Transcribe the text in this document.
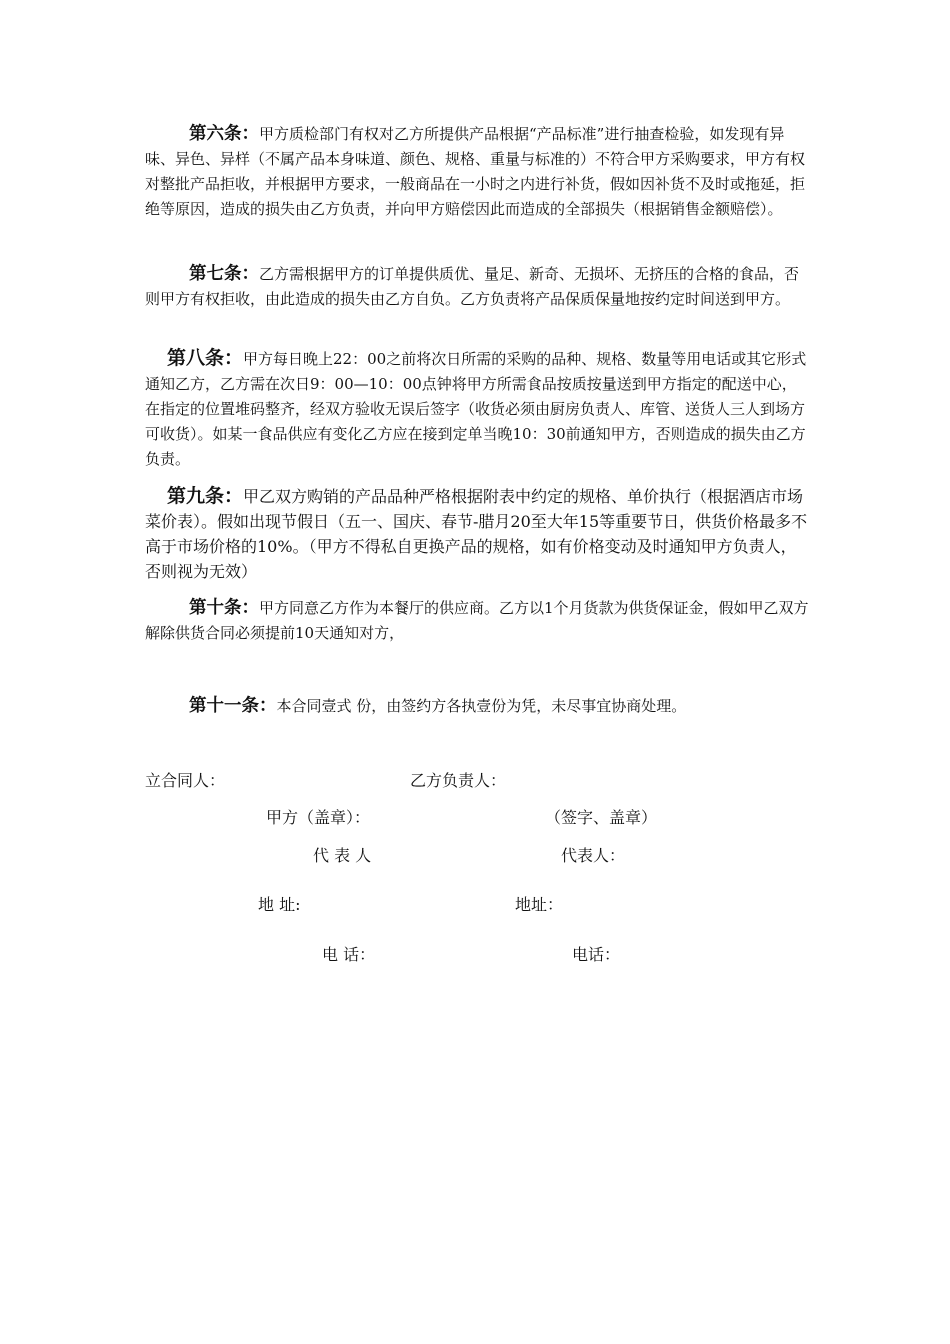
第六条：甲方质检部门有权对乙方所提供产品根据“产品标准”进行抽查检验，如发现有异味、异色、异样（不属产品本身味道、颜色、规格、重量与标准的）不符合甲方采购要求，甲方有权对整批产品拒收，并根据甲方要求，一般商品在一小时之内进行补货，假如因补货不及时或拖延，拒绝等原因，造成的损失由乙方负责，并向甲方赔偿因此而造成的全部损失（根据销售金额赔偿）。

第七条：乙方需根据甲方的订单提供质优、量足、新奇、无损坏、无挤压的合格的食品，否则甲方有权拒收，由此造成的损失由乙方自负。乙方负责将产品保质保量地按约定时间送到甲方。

第八条：甲方每日晚上22：00之前将次日所需的采购的品种、规格、数量等用电话或其它形式通知乙方，乙方需在次日9：00—10：00点钟将甲方所需食品按质按量送到甲方指定的配送中心，在指定的位置堆码整齐，经双方验收无误后签字（收货必须由厨房负责人、库管、送货人三人到场方可收货）。如某一食品供应有变化乙方应在接到定单当晚10：30前通知甲方，否则造成的损失由乙方负责。

第九条：甲乙双方购销的产品品种严格根据附表中约定的规格、单价执行（根据酒店市场菜价表）。假如出现节假日（五一、国庆、春节-腊月20至大年15等重要节日，供货价格最多不高于市场价格的10%。（甲方不得私自更换产品的规格，如有价格变动及时通知甲方负责人，否则视为无效）

第十条：甲方同意乙方作为本餐厅的供应商。乙方以1个月货款为供货保证金，假如甲乙双方解除供货合同必须提前10天通知对方，

第十一条：本合同壹式 份，由签约方各执壹份为凭，未尽事宜协商处理。

立合同人：	乙方负责人：
甲方（盖章）：	（签字、盖章）
代 表 人	代表人：
地 址:	地址：
电 话：	电话：
